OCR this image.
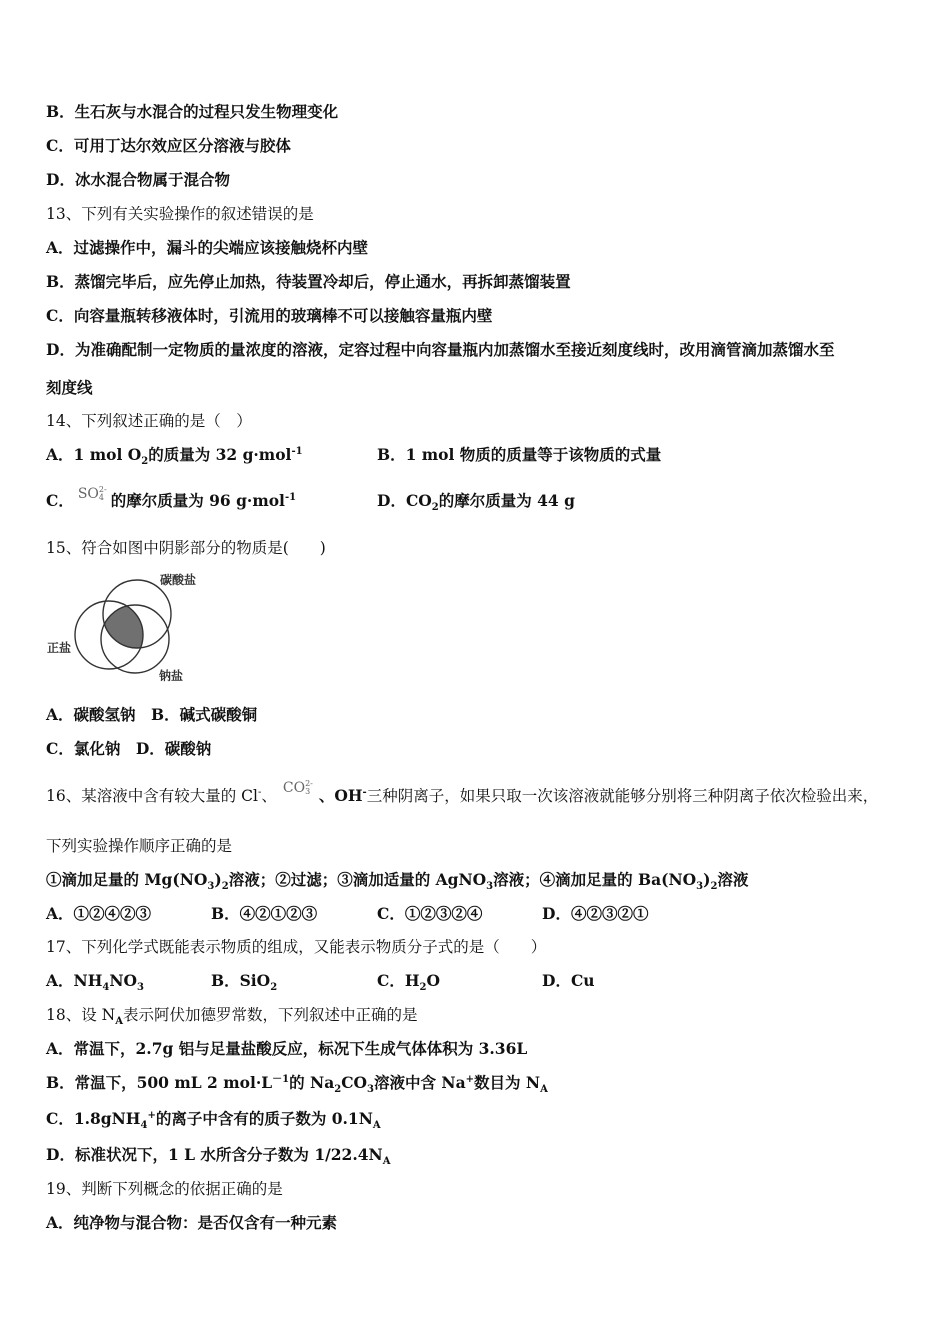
B．生石灰与水混合的过程只发生物理变化
C．可用丁达尔效应区分溶液与胶体
D．冰水混合物属于混合物
13、下列有关实验操作的叙述错误的是
A．过滤操作中，漏斗的尖端应该接触烧杯内壁
B．蒸馏完毕后，应先停止加热，待装置冷却后，停止通水，再拆卸蒸馏装置
C．向容量瓶转移液体时，引流用的玻璃棒不可以接触容量瓶内壁
D．为准确配制一定物质的量浓度的溶液，定容过程中向容量瓶内加蒸馏水至接近刻度线时，改用滴管滴加蒸馏水至
刻度线
14、下列叙述正确的是（　）
A．1 mol $O_2$的质量为 32 g·mol$^{-1}$	B．1 mol 物质的质量等于该物质的式量
C． SO 2-
4 的摩尔质量为 96 g·mol$^{-1}$	D．$CO_2$的摩尔质量为 44 g
15、符合如图中阴影部分的物质是(　　)
碳酸盐
正盐
钠盐
A．碳酸氢钠　B．碱式碳酸铜
C．氯化钠　D．碳酸钠
16、某溶液中含有较大量的 Cl-、 CO 2-
3 、OH-三种阴离子，如果只取一次该溶液就能够分别将三种阴离子依次检验出来，
下列实验操作顺序正确的是
①滴加足量的 $Mg(NO_3)_2$溶液；②过滤；③滴加适量的 AgNO$_3$溶液；④滴加足量的 $Ba(NO_3)_2$溶液
A．①②④②③	B．④②①②③	C．①②③②④	D．④②③②①
17、下列化学式既能表示物质的组成，又能表示物质分子式的是（　　）
A．$NH_4NO_3$	B．SiO$_2$	C．$H_2O$	D．Cu
18、设 $N_A$表示阿伏加德罗常数，下列叙述中正确的是
A．常温下，2.7g 铝与足量盐酸反应，标况下生成气体体积为 3.36L
B．常温下，500 mL 2 $mol\cdot L^{-1}$的 $Na_2CO_3$溶液中含 Na+数目为 $N_A$
C．1.8gNH$_4$+的离子中含有的质子数为 $0.1N_A$
D．标准状况下，1 L 水所含分子数为 $1/22.4N_A$
19、判断下列概念的依据正确的是
A．纯净物与混合物：是否仅含有一种元素
